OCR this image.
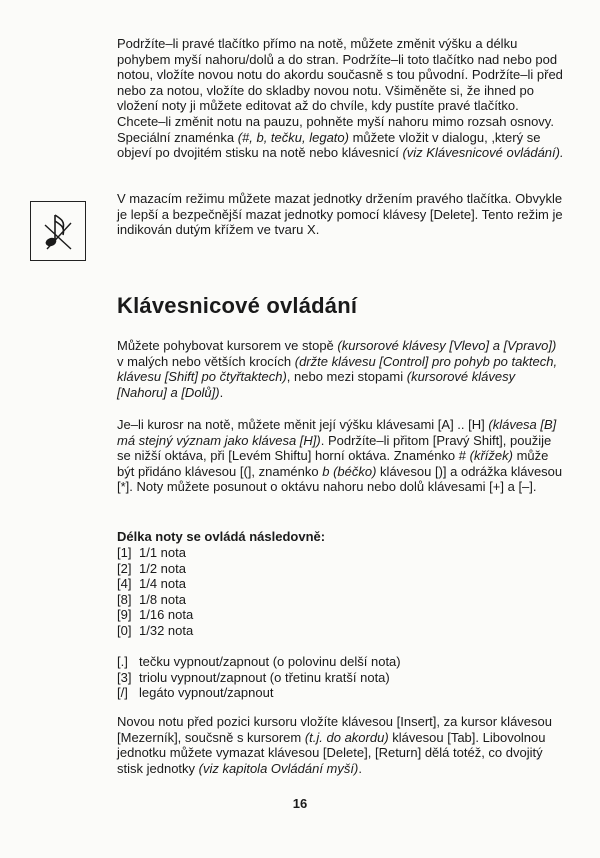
Podržíte–li pravé tlačítko přímo na notě, můžete změnit výšku a délku pohybem myší nahoru/dolů a do stran. Podržíte–li toto tlačítko nad nebo pod notou, vložíte novou notu do akordu současně s tou původní. Podržíte–li před nebo za notou, vložíte do skladby novou notu. Všiměněte si, že ihned po vložení noty ji můžete editovat až do chvíle, kdy pustíte pravé tlačítko. Chcete–li změnit notu na pauzu, pohněte myší nahoru mimo rozsah osnovy. Speciální znaménka (#, b, tečku, legato) můžete vložit v dialogu, ,který se objeví po dvojitém stisku na notě nebo klávesnicí (viz Klávesnicové ovládání).

V mazacím režimu můžete mazat jednotky držením pravého tlačítka. Obvykle je lepší a bezpečnější mazat jednotky pomocí klávesy [Delete]. Tento režim je indikován dutým křížem ve tvaru X.

Klávesnicové ovládání

Můžete pohybovat kursorem ve stopě (kursorové klávesy [Vlevo] a [Vpravo]) v malých nebo větších krocích (držte klávesu [Control] pro pohyb po taktech, klávesu [Shift] po čtyřtaktech), nebo mezi stopami (kursorové klávesy [Nahoru] a [Dolů]).

Je–li kurosr na notě, můžete měnit její výšku klávesami [A] .. [H] (klávesa [B] má stejný význam jako klávesa [H]). Podržíte–li přitom [Pravý Shift], použije se nižší oktáva, při [Levém Shiftu] horní oktáva. Znaménko # (křížek) může být přidáno klávesou [(], znaménko b (béčko) klávesou [)] a odrážka klávesou [*]. Noty můžete posunout o oktávu nahoru nebo dolů klávesami [+] a [–].

Délka noty se ovládá následovně:

[1] 1/1 nota
[2] 1/2 nota
[4] 1/4 nota
[8] 1/8 nota
[9] 1/16 nota
[0] 1/32 nota
[.] tečku vypnout/zapnout (o polovinu delší nota)
[3] triolu vypnout/zapnout (o třetinu kratší nota)
[/] legáto vypnout/zapnout

Novou notu před pozici kursoru vložíte klávesou [Insert], za kursor klávesou [Mezerník], součsně s kursorem (t.j. do akordu) klávesou [Tab]. Libovolnou jednotku můžete vymazat klávesou [Delete], [Return] dělá totéž, co dvojitý stisk jednotky (viz kapitola Ovládání myší).

16
